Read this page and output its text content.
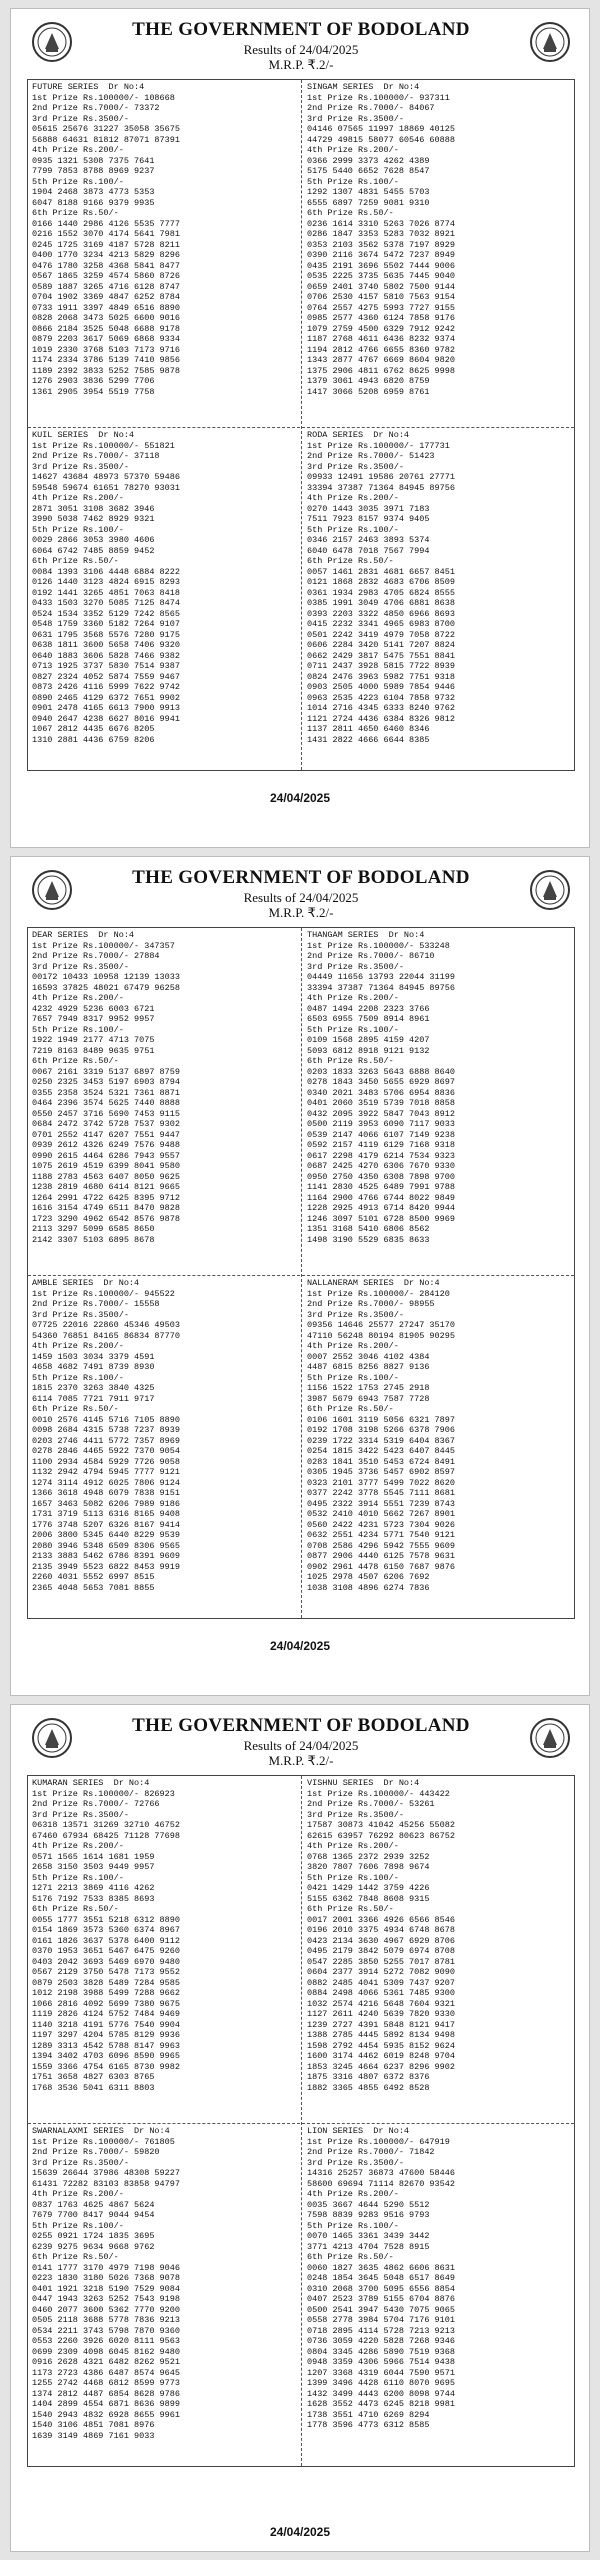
THE GOVERNMENT OF BODOLAND
Results of 24/04/2025
M.R.P. ₹.2/-
FUTURE SERIES  Dr No:4
1st Prize Rs.100000/- 108668
2nd Prize Rs.7000/- 73372
3rd Prize Rs.3500/-
05615 25676 31227 35058 35675
56888 64631 81812 87071 87391
4th Prize Rs.200/-
0935 1321 5308 7375 7641
7799 7853 8788 8969 9237
5th Prize Rs.100/-
1904 2468 3873 4773 5353
6047 8188 9166 9379 9935
6th Prize Rs.50/-
0166 1440 2986 4126 5535 7777
0216 1552 3070 4174 5641 7981
0245 1725 3169 4187 5728 8211
0400 1770 3234 4213 5829 8296
0476 1780 3258 4368 5841 8477
0567 1865 3259 4574 5860 8726
0589 1887 3265 4716 6128 8747
0704 1902 3369 4847 6252 8784
0733 1911 3397 4849 6516 8890
0828 2068 3473 5025 6600 9016
0866 2184 3525 5048 6688 9178
0879 2203 3617 5069 6868 9334
1019 2330 3768 5103 7173 9716
1174 2334 3786 5139 7410 9856
1189 2392 3833 5252 7585 9878
1276 2903 3836 5299 7706
1361 2905 3954 5519 7758
SINGAM SERIES  Dr No:4
1st Prize Rs.100000/- 937311
2nd Prize Rs.7000/- 84067
3rd Prize Rs.3500/-
04146 07565 11997 18869 40125
44729 49815 58077 60546 60888
4th Prize Rs.200/-
0366 2999 3373 4262 4389
5175 5440 6652 7628 8547
5th Prize Rs.100/-
1292 1307 4831 5455 5703
6555 6897 7259 9081 9310
6th Prize Rs.50/-
0236 1614 3310 5263 7026 8774
0286 1847 3353 5283 7032 8921
0353 2103 3562 5378 7197 8929
0390 2116 3674 5472 7237 8949
0435 2191 3696 5502 7444 9006
0535 2225 3735 5635 7445 9040
0659 2401 3740 5802 7500 9144
0706 2530 4157 5810 7563 9154
0764 2557 4275 5993 7727 9155
0985 2577 4360 6124 7858 9176
1079 2759 4500 6329 7912 9242
1187 2768 4611 6436 8232 9374
1194 2812 4766 6655 8360 9782
1343 2877 4767 6669 8604 9820
1375 2906 4811 6762 8625 9998
1379 3061 4943 6820 8759
1417 3066 5208 6959 8761
KUIL SERIES  Dr No:4
1st Prize Rs.100000/- 551821
2nd Prize Rs.7000/- 37118
3rd Prize Rs.3500/-
14627 43684 48973 57370 59486
59548 59674 61651 78270 93031
4th Prize Rs.200/-
2871 3051 3108 3682 3946
3990 5038 7462 8929 9321
5th Prize Rs.100/-
0029 2866 3053 3980 4606
6064 6742 7485 8859 9452
6th Prize Rs.50/-
0084 1393 3106 4448 6884 8222
0126 1440 3123 4824 6915 8293
0192 1441 3265 4851 7063 8418
0433 1503 3270 5085 7125 8474
0524 1534 3352 5129 7242 8565
0548 1759 3360 5182 7264 9107
0631 1795 3568 5576 7280 9175
0638 1811 3600 5658 7406 9320
0640 1883 3606 5828 7466 9382
0713 1925 3737 5830 7514 9387
0827 2324 4052 5874 7559 9467
0873 2426 4116 5999 7622 9742
0890 2465 4129 6372 7651 9902
0901 2478 4165 6613 7900 9913
0940 2647 4238 6627 8016 9941
1067 2812 4435 6676 8205
1310 2881 4436 6759 8206
RODA SERIES  Dr No:4
1st Prize Rs.100000/- 177731
2nd Prize Rs.7000/- 51423
3rd Prize Rs.3500/-
09933 12491 19586 20761 27771
33394 37387 71364 84945 89756
4th Prize Rs.200/-
0270 1443 3035 3971 7183
7511 7923 8157 9374 9405
5th Prize Rs.100/-
0346 2157 2463 3893 5374
6040 6478 7018 7567 7994
6th Prize Rs.50/-
0057 1461 2831 4681 6657 8451
0121 1868 2832 4683 6706 8509
0361 1934 2983 4705 6824 8555
0385 1991 3049 4706 6881 8638
0393 2203 3322 4850 6966 8693
0415 2232 3341 4965 6983 8700
0501 2242 3419 4979 7058 8722
0606 2284 3420 5141 7207 8824
0662 2429 3817 5475 7551 8841
0711 2437 3928 5815 7722 8939
0824 2476 3963 5982 7751 9318
0903 2505 4000 5989 7854 9446
0963 2535 4223 6104 7858 9732
1014 2716 4345 6333 8240 9762
1121 2724 4436 6384 8326 9812
1137 2811 4650 6460 8346
1431 2822 4666 6644 8385
24/04/2025
THE GOVERNMENT OF BODOLAND
Results of 24/04/2025
M.R.P. ₹.2/-
DEAR SERIES  Dr No:4
1st Prize Rs.100000/- 347357
2nd Prize Rs.7000/- 27884
3rd Prize Rs.3500/-
00172 10433 10958 12139 13033
16593 37825 48021 67479 96258
4th Prize Rs.200/-
4232 4929 5236 6003 6721
7657 7949 8317 9952 9957
5th Prize Rs.100/-
1922 1949 2177 4713 7075
7219 8163 8489 9635 9751
6th Prize Rs.50/-
0067 2161 3319 5137 6897 8759
0250 2325 3453 5197 6903 8794
0355 2358 3524 5321 7361 8871
0464 2396 3574 5625 7440 8888
0550 2457 3716 5690 7453 9115
0684 2472 3742 5728 7537 9302
0701 2552 4147 6207 7551 9447
0939 2612 4326 6249 7576 9488
0990 2615 4464 6286 7943 9557
1075 2619 4519 6399 8041 9580
1188 2783 4563 6407 8050 9625
1238 2819 4680 6414 8121 9665
1264 2991 4722 6425 8395 9712
1616 3154 4749 6511 8470 9828
1723 3290 4962 6542 8576 9878
2113 3297 5099 6585 8650
2142 3307 5103 6895 8678
THANGAM SERIES  Dr No:4
1st Prize Rs.100000/- 533248
2nd Prize Rs.7000/- 86710
3rd Prize Rs.3500/-
04449 11656 13793 22044 31199
33394 37387 71364 84945 89756
4th Prize Rs.200/-
0487 1494 2208 2323 3766
6503 6955 7509 8914 8961
5th Prize Rs.100/-
0109 1568 2895 4159 4207
5093 6812 8918 9121 9132
6th Prize Rs.50/-
0203 1833 3263 5643 6888 8640
0278 1843 3450 5655 6929 8697
0340 2021 3483 5706 6954 8836
0401 2060 3519 5739 7018 8858
0432 2095 3922 5847 7043 8912
0500 2119 3953 6090 7117 9033
0539 2147 4066 6107 7149 9238
0592 2157 4119 6129 7168 9318
0617 2298 4179 6214 7534 9323
0687 2425 4270 6306 7670 9330
0950 2750 4350 6308 7898 9700
1141 2830 4525 6489 7991 9788
1164 2900 4766 6744 8022 9849
1228 2925 4913 6714 8420 9944
1246 3097 5101 6728 8500 9969
1351 3168 5410 6806 8562
1498 3190 5529 6835 8633
AMBLE SERIES  Dr No:4
1st Prize Rs.100000/- 945522
2nd Prize Rs.7000/- 15558
3rd Prize Rs.3500/-
07725 22016 22860 45346 49503
54360 76851 84165 86834 87770
4th Prize Rs.200/-
1459 1503 3034 3379 4591
4658 4682 7491 8739 8930
5th Prize Rs.100/-
1815 2370 3263 3840 4325
6114 7085 7721 7911 9717
6th Prize Rs.50/-
0010 2576 4145 5716 7105 8890
0098 2684 4315 5738 7237 8939
0203 2746 4411 5772 7357 8969
0278 2846 4465 5922 7370 9054
1100 2934 4584 5929 7726 9058
1132 2942 4794 5945 7777 9121
1274 3114 4912 6025 7806 9124
1366 3618 4948 6079 7838 9151
1657 3463 5082 6206 7989 9186
1731 3719 5113 6316 8165 9408
1776 3748 5207 6326 8167 9414
2006 3800 5345 6440 8229 9539
2080 3946 5348 6509 8306 9565
2133 3883 5462 6786 8391 9609
2135 3949 5523 6822 8453 9919
2260 4031 5552 6997 8515
2365 4048 5653 7081 8855
NALLANERAM SERIES  Dr No:4
1st Prize Rs.100000/- 284120
2nd Prize Rs.7000/- 98955
3rd Prize Rs.3500/-
09356 14646 25577 27247 35170
47110 56248 80194 81905 90295
4th Prize Rs.200/-
0007 2552 3046 4102 4384
4487 6815 8256 8827 9136
5th Prize Rs.100/-
1156 1522 1753 2745 2918
3987 5679 6943 7587 7728
6th Prize Rs.50/-
0106 1601 3119 5056 6321 7897
0192 1708 3198 5266 6378 7906
0239 1722 3314 5319 6404 8367
0254 1815 3422 5423 6407 8445
0283 1841 3510 5453 6724 8491
0305 1945 3736 5457 6902 8597
0323 2101 3777 5499 7022 8620
0377 2242 3778 5545 7111 8681
0495 2322 3914 5551 7239 8743
0532 2410 4010 5662 7267 8901
0560 2422 4231 5723 7304 9026
0632 2551 4234 5771 7540 9121
0708 2586 4296 5942 7555 9609
0877 2906 4440 6125 7578 9631
0902 2961 4478 6150 7687 9876
1025 2978 4507 6206 7692
1038 3108 4896 6274 7836
24/04/2025
THE GOVERNMENT OF BODOLAND
Results of 24/04/2025
M.R.P. ₹.2/-
KUMARAN SERIES  Dr No:4
1st Prize Rs.100000/- 826923
2nd Prize Rs.7000/- 72766
3rd Prize Rs.3500/-
06318 13571 31269 32710 46752
67460 67934 68425 71128 77698
4th Prize Rs.200/-
0571 1565 1614 1681 1959
2658 3150 3503 9449 9957
5th Prize Rs.100/-
1271 2213 3869 4116 4262
5176 7192 7533 8385 8693
6th Prize Rs.50/-
0055 1777 3551 5218 6312 8890
0154 1869 3573 5360 6374 8967
0161 1826 3637 5378 6400 9112
0370 1953 3651 5467 6475 9260
0403 2042 3693 5469 6970 9480
0567 2129 3750 5478 7173 9552
0879 2503 3828 5489 7284 9585
1012 2198 3988 5499 7288 9662
1066 2816 4092 5699 7380 9675
1119 2826 4124 5752 7484 9469
1140 3218 4191 5776 7540 9904
1197 3297 4204 5785 8129 9936
1289 3313 4542 5788 8147 9963
1394 3402 4703 6096 8590 9965
1559 3366 4754 6165 8730 9982
1751 3658 4827 6303 8765
1768 3536 5041 6311 8803
VISHNU SERIES  Dr No:4
1st Prize Rs.100000/- 443422
2nd Prize Rs.7000/- 53261
3rd Prize Rs.3500/-
17587 30873 41042 45256 55082
62615 63957 76292 80623 86752
4th Prize Rs.200/-
0768 1365 2372 2939 3252
3820 7807 7606 7898 9674
5th Prize Rs.100/-
0421 1429 1442 3759 4226
5155 6362 7848 8608 9315
6th Prize Rs.50/-
0017 2001 3366 4926 6566 8546
0196 2010 3375 4934 6748 8678
0423 2134 3630 4967 6929 8706
0495 2179 3842 5079 6974 8708
0547 2285 3850 5255 7017 8781
0604 2377 3914 5272 7082 9090
0882 2485 4041 5309 7437 9207
0884 2498 4066 5361 7485 9300
1032 2574 4216 5648 7604 9321
1127 2611 4240 5639 7820 9330
1239 2727 4391 5848 8121 9417
1388 2785 4445 5892 8134 9498
1598 2792 4454 5935 8152 9624
1600 3174 4462 6019 8248 9704
1853 3245 4664 6237 8296 9902
1875 3316 4807 6372 8376
1882 3365 4855 6492 8528
SWARNALAXMI SERIES  Dr No:4
1st Prize Rs.100000/- 761805
2nd Prize Rs.7000/- 59820
3rd Prize Rs.3500/-
15639 26644 37986 48308 59227
61431 72282 83103 83858 94797
4th Prize Rs.200/-
0837 1763 4625 4867 5624
7679 7700 8417 9044 9454
5th Prize Rs.100/-
0255 0921 1724 1835 3695
6239 9275 9634 9668 9762
6th Prize Rs.50/-
0141 1777 3170 4979 7198 9046
0223 1830 3180 5026 7368 9078
0401 1921 3218 5190 7529 9084
0447 1943 3263 5252 7543 9198
0460 2077 3600 5362 7770 9200
0505 2118 3688 5778 7836 9213
0534 2211 3743 5798 7870 9360
0553 2260 3926 6020 8111 9563
0699 2309 4098 6045 8162 9480
0916 2628 4321 6482 8262 9521
1173 2723 4386 6487 8574 9645
1255 2742 4468 6812 8599 9773
1374 2812 4487 6854 8628 9786
1404 2899 4554 6871 8636 9899
1540 2943 4832 6928 8655 9961
1540 3106 4851 7081 8976
1639 3149 4869 7161 9033
LION SERIES  Dr No:4
1st Prize Rs.100000/- 647919
2nd Prize Rs.7000/- 71842
3rd Prize Rs.3500/-
14316 25257 36873 47600 58446
58600 69694 71114 82670 93542
4th Prize Rs.200/-
0035 3667 4644 5290 5512
7598 8839 9283 9516 9793
5th Prize Rs.100/-
0070 1465 3361 3439 3442
3771 4213 4704 7528 8915
6th Prize Rs.50/-
0060 1827 3635 4862 6606 8631
0248 1854 3645 5048 6517 8649
0310 2068 3700 5095 6556 8854
0407 2523 3789 5155 6704 8876
0500 2541 3947 5430 7075 9065
0558 2778 3984 5704 7176 9101
0718 2895 4114 5728 7213 9213
0736 3059 4220 5828 7268 9346
0804 3345 4286 5890 7519 9368
0948 3359 4306 5966 7514 9438
1207 3368 4319 6044 7590 9571
1399 3496 4428 6110 8070 9695
1432 3499 4443 6200 8098 9744
1628 3552 4473 6245 8218 9981
1738 3551 4710 6269 8294
1778 3596 4773 6312 8585
24/04/2025
